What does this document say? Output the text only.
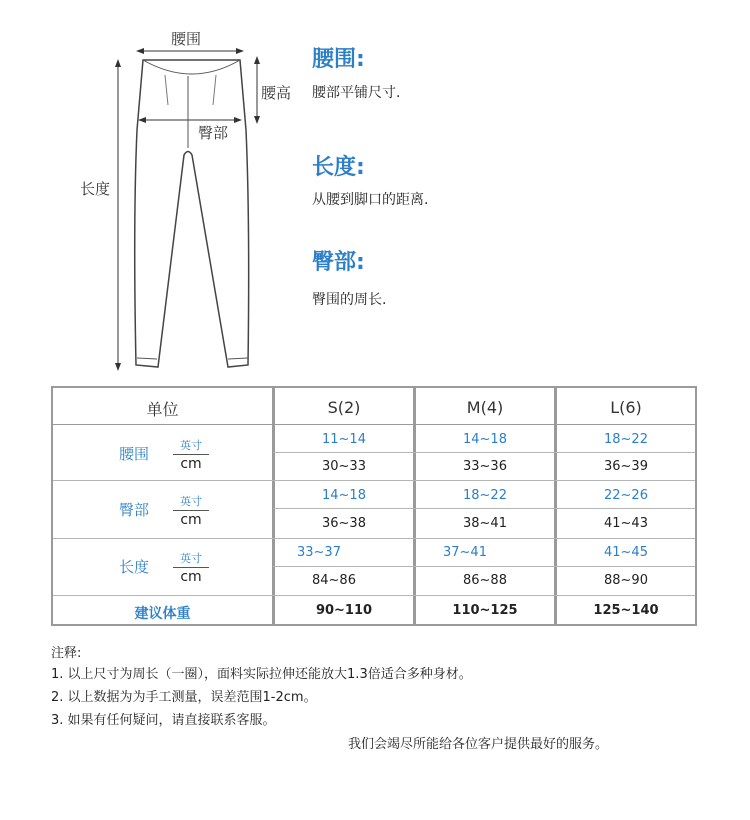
腰围
腰高
臀部
长度
腰围:
腰部平铺尺寸.
长度:
从腰到脚口的距离.
臀部:
臀围的周长.
单位	S(2)	M(4)	L(6)
腰围	英寸
cm
11~14	14~18	18~22
30~33	33~36	36~39
臀部	英寸
cm
14~18	18~22	22~26
36~38	38~41	41~43
长度	英寸
cm
33~37	37~41	41~45
84~86	86~88	88~90
建议体重	90~110	110~125	125~140
注释:
1. 以上尺寸为周长（一圈），面料实际拉伸还能放大1.3倍适合多种身材。
2. 以上数据为为手工测量，误差范围1-2cm。
3. 如果有任何疑问，请直接联系客服。
我们会竭尽所能给各位客户提供最好的服务。
